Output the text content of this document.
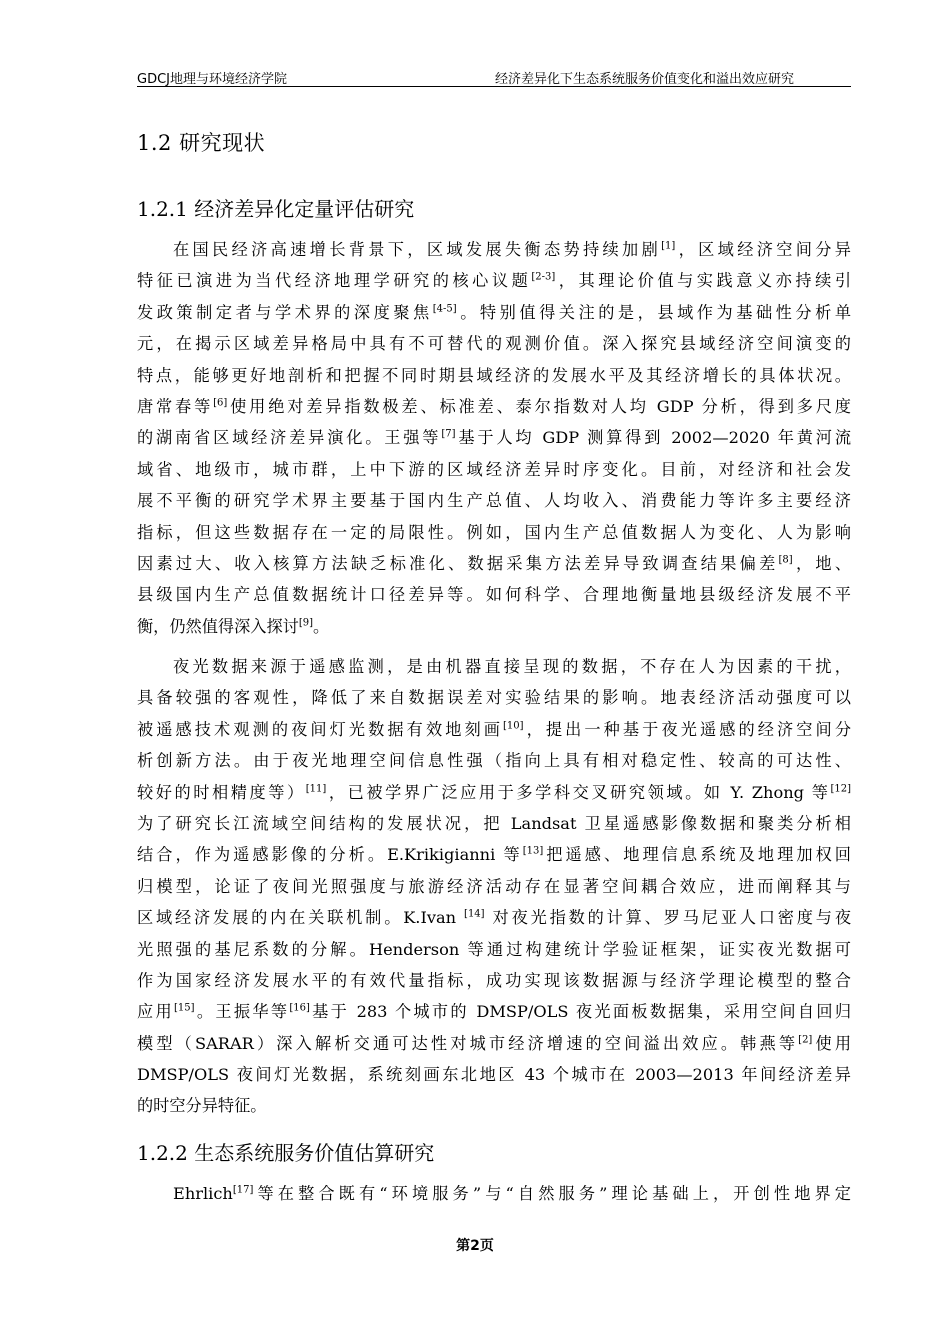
GDCJ地理与环境经济学院	经济差异化下生态系统服务价值变化和溢出效应研究
1.2 研究现状
1.2.1 经济差异化定量评估研究
在国民经济高速增长背景下，区域发展失衡态势持续加剧[1]，区域经济空间分异
特征已演进为当代经济地理学研究的核心议题[2-3]，其理论价值与实践意义亦持续引
发政策制定者与学术界的深度聚焦[4-5]。特别值得关注的是，县域作为基础性分析单
元，在揭示区域差异格局中具有不可替代的观测价值。深入探究县域经济空间演变的
特点，能够更好地剖析和把握不同时期县域经济的发展水平及其经济增长的具体状况。
唐常春等[6]使用绝对差异指数极差、标准差、泰尔指数对人均 GDP 分析，得到多尺度
的湖南省区域经济差异演化。王强等[7]基于人均 GDP 测算得到 2002—2020 年黄河流
域省、地级市，城市群，上中下游的区域经济差异时序变化。目前，对经济和社会发
展不平衡的研究学术界主要基于国内生产总值、人均收入、消费能力等许多主要经济
指标，但这些数据存在一定的局限性。例如，国内生产总值数据人为变化、人为影响
因素过大、收入核算方法缺乏标准化、数据采集方法差异导致调查结果偏差[8]，地、
县级国内生产总值数据统计口径差异等。如何科学、合理地衡量地县级经济发展不平
衡，仍然值得深入探讨[9]。
夜光数据来源于遥感监测，是由机器直接呈现的数据，不存在人为因素的干扰，
具备较强的客观性，降低了来自数据误差对实验结果的影响。地表经济活动强度可以
被遥感技术观测的夜间灯光数据有效地刻画[10]，提出一种基于夜光遥感的经济空间分
析创新方法。由于夜光地理空间信息性强（指向上具有相对稳定性、较高的可达性、
较好的时相精度等）[11]，已被学界广泛应用于多学科交叉研究领域。如 Y. Zhong 等[12]
为了研究长江流域空间结构的发展状况，把 Landsat 卫星遥感影像数据和聚类分析相
结合，作为遥感影像的分析。E.Krikigianni 等[13]把遥感、地理信息系统及地理加权回
归模型，论证了夜间光照强度与旅游经济活动存在显著空间耦合效应，进而阐释其与
区域经济发展的内在关联机制。K.Ivan [14] 对夜光指数的计算、罗马尼亚人口密度与夜
光照强的基尼系数的分解。Henderson 等通过构建统计学验证框架，证实夜光数据可
作为国家经济发展水平的有效代量指标，成功实现该数据源与经济学理论模型的整合
应用[15]。王振华等[16]基于 283 个城市的 DMSP/OLS 夜光面板数据集，采用空间自回归
模型（SARAR）深入解析交通可达性对城市经济增速的空间溢出效应。韩燕等[2]使用
DMSP/OLS 夜间灯光数据，系统刻画东北地区 43 个城市在 2003—2013 年间经济差异
的时空分异特征。
1.2.2 生态系统服务价值估算研究
Ehrlich[17]等在整合既有“环境服务”与“自然服务”理论基础上，开创性地界定
第2页
